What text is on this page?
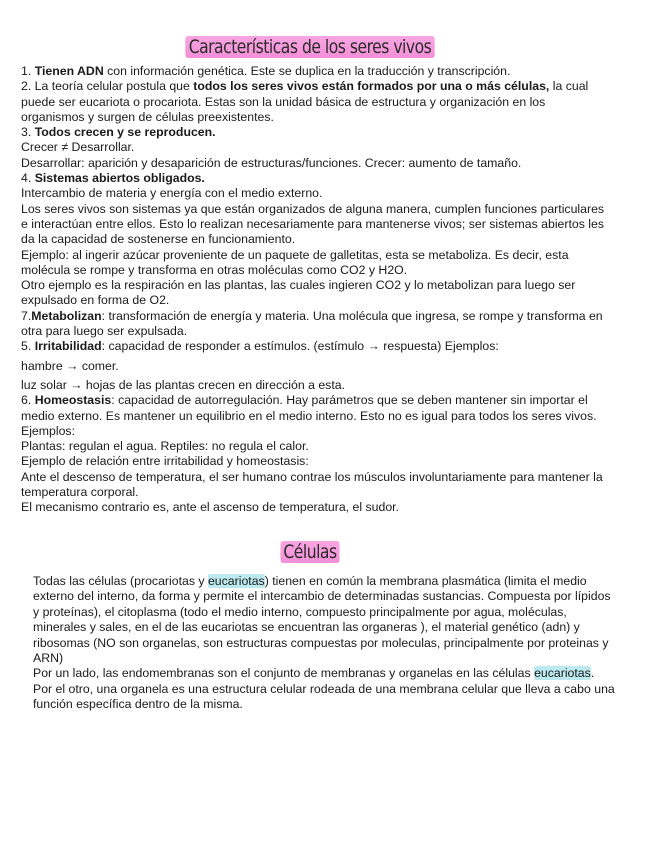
Características de los seres vivos

1. Tienen ADN con información genética. Este se duplica en la traducción y transcripción.

2. La teoría celular postula que todos los seres vivos están formados por una o más células, la cual puede ser eucariota o procariota. Estas son la unidad básica de estructura y organización en los organismos y surgen de células preexistentes.

3. Todos crecen y se reproducen.

Crecer ≠ Desarrollar.

Desarrollar: aparición y desaparición de estructuras/funciones. Crecer: aumento de tamaño.

4. Sistemas abiertos obligados.

Intercambio de materia y energía con el medio externo.

Los seres vivos son sistemas ya que están organizados de alguna manera, cumplen funciones particulares e interactúan entre ellos. Esto lo realizan necesariamente para mantenerse vivos; ser sistemas abiertos les da la capacidad de sostenerse en funcionamiento.

Ejemplo: al ingerir azúcar proveniente de un paquete de galletitas, esta se metaboliza. Es decir, esta molécula se rompe y transforma en otras moléculas como CO2 y H2O.

Otro ejemplo es la respiración en las plantas, las cuales ingieren CO2 y lo metabolizan para luego ser expulsado en forma de O2.

7.Metabolizan: transformación de energía y materia. Una molécula que ingresa, se rompe y transforma en otra para luego ser expulsada.

5. Irritabilidad: capacidad de responder a estímulos. (estímulo → respuesta) Ejemplos:

hambre → comer.

luz solar → hojas de las plantas crecen en dirección a esta.

6. Homeostasis: capacidad de autorregulación. Hay parámetros que se deben mantener sin importar el medio externo. Es mantener un equilibrio en el medio interno. Esto no es igual para todos los seres vivos.

Ejemplos:

Plantas: regulan el agua. Reptiles: no regula el calor.

Ejemplo de relación entre irritabilidad y homeostasis:

Ante el descenso de temperatura, el ser humano contrae los músculos involuntariamente para mantener la temperatura corporal.

El mecanismo contrario es, ante el ascenso de temperatura, el sudor.

Células

Todas las células (procariotas y eucariotas) tienen en común la membrana plasmática (limita el medio externo del interno, da forma y permite el intercambio de determinadas sustancias. Compuesta por lípidos y proteínas), el citoplasma (todo el medio interno, compuesto principalmente por agua, moléculas, minerales y sales, en el de las eucariotas se encuentran las organeras ), el material genético (adn) y ribosomas (NO son organelas, son estructuras compuestas por moleculas, principalmente por proteinas y ARN)

Por un lado, las endomembranas son el conjunto de membranas y organelas en las células eucariotas.

Por el otro, una organela es una estructura celular rodeada de una membrana celular que lleva a cabo una función específica dentro de la misma.
